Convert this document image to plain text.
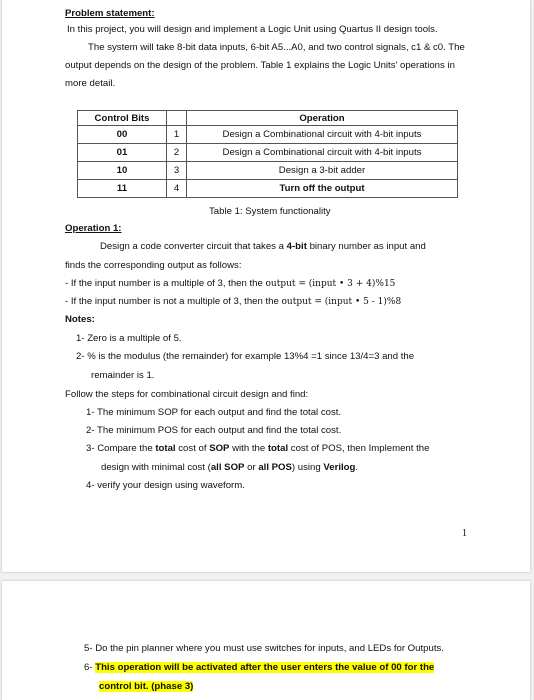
Problem statement:
In this project, you will design and implement a Logic Unit using Quartus II design tools.
The system will take 8-bit data inputs, 6-bit A5...A0, and two control signals, c1 & c0. The
output depends on the design of the problem. Table 1 explains the Logic Units' operations in
more detail.
Control Bits		Operation
00	1	Design a Combinational circuit with 4-bit inputs
01	2	Design a Combinational circuit with 4-bit inputs
10	3	Design a 3-bit adder
11	4	Turn off the output
Table 1: System functionality
Operation 1:
Design a code converter circuit that takes a 4-bit binary number as input and
finds the corresponding output as follows:
- If the input number is a multiple of 3, then the output = (input • 3 + 4)%15
- If the input number is not a multiple of 3, then the output = (input • 5 - 1)%8
Notes:
1- Zero is a multiple of 5.
2- % is the modulus (the remainder) for example 13%4 =1 since 13/4=3 and the
remainder is 1.
Follow the steps for combinational circuit design and find:
1- The minimum SOP for each output and find the total cost.
2- The minimum POS for each output and find the total cost.
3- Compare the total cost of SOP with the total cost of POS, then Implement the
design with minimal cost (all SOP or all POS) using Verilog.
4- verify your design using waveform.
1
5- Do the pin planner where you must use switches for inputs, and LEDs for Outputs.
6- This operation will be activated after the user enters the value of 00 for the
control bit. (phase 3)
